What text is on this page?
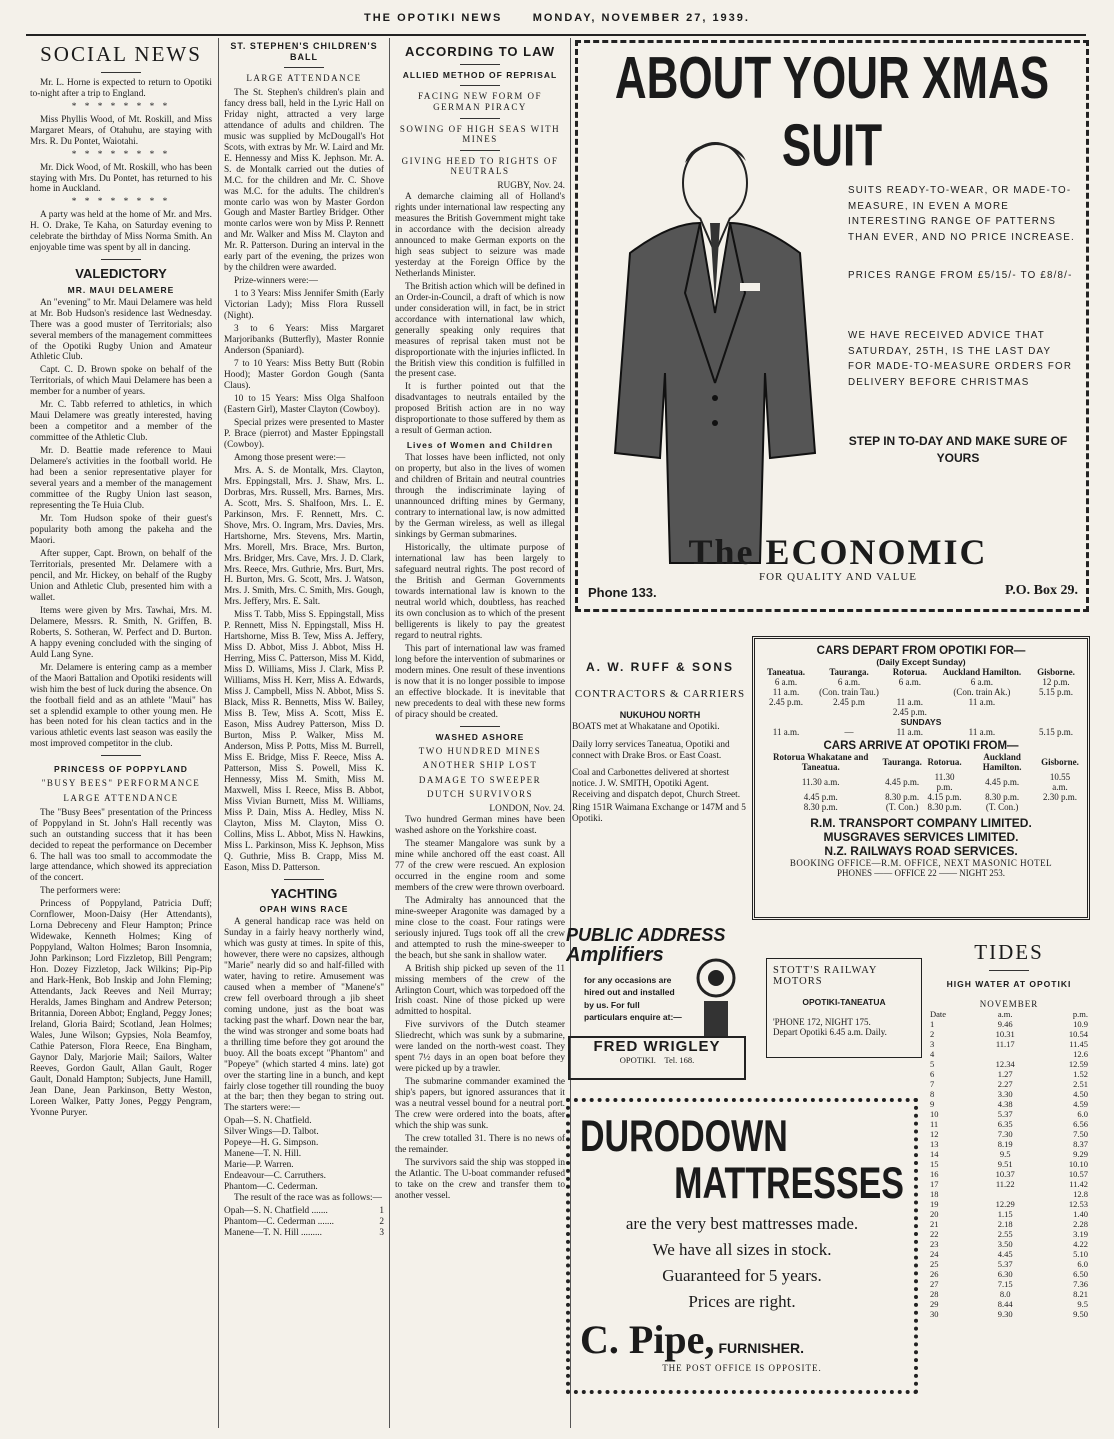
THE OPOTIKI NEWS	MONDAY, NOVEMBER 27, 1939.
SOCIAL NEWS

Mr. L. Horne is expected to return to Opotiki to-night after a trip to England.

* * * * * * * *

Miss Phyllis Wood, of Mt. Roskill, and Miss Margaret Mears, of Otahuhu, are staying with Mrs. R. Du Pontet, Waiotahi.

* * * * * * * *

Mr. Dick Wood, of Mt. Roskill, who has been staying with Mrs. Du Pontet, has returned to his home in Auckland.

* * * * * * * *

A party was held at the home of Mr. and Mrs. H. O. Drake, Te Kaha, on Saturday evening to celebrate the birthday of Miss Norma Smith. An enjoyable time was spent by all in dancing.

VALEDICTORY
MR. MAUI DELAMERE

An "evening" to Mr. Maui Delamere was held at Mr. Bob Hudson's residence last Wednesday. There was a good muster of Territorials; also several members of the management committees of the Opotiki Rugby Union and Amateur Athletic Club.

Capt. C. D. Brown spoke on behalf of the Territorials, of which Maui Delamere has been a member for a number of years.

Mr. C. Tabb referred to athletics, in which Maui Delamere was greatly interested, having been a competitor and a member of the committee of the Athletic Club.

Mr. D. Beattie made reference to Maui Delamere's activities in the football world. He had been a senior representative player for several years and a member of the management committee of the Rugby Union last season, representing the Te Huia Club.

Mr. Tom Hudson spoke of their guest's popularity both among the pakeha and the Maori.

After supper, Capt. Brown, on behalf of the Territorials, presented Mr. Delamere with a pencil, and Mr. Hickey, on behalf of the Rugby Union and Athletic Club, presented him with a wallet.

Items were given by Mrs. Tawhai, Mrs. M. Delamere, Messrs. R. Smith, N. Griffen, B. Roberts, S. Sotheran, W. Perfect and D. Burton. A happy evening concluded with the singing of Auld Lang Syne.

Mr. Delamere is entering camp as a member of the Maori Battalion and Opotiki residents will wish him the best of luck during the absence. On the football field and as an athlete "Maui" has set a splendid example to other young men. He has been noted for his clean tactics and in the various athletic events last season was easily the most improved competitor in the club.

PRINCESS OF POPPYLAND
"BUSY BEES" PERFORMANCE
LARGE ATTENDANCE

The "Busy Bees" presentation of the Princess of Poppyland in St. John's Hall recently was such an outstanding success that it has been decided to repeat the performance on December 6. The hall was too small to accommodate the large attendance, which showed its appreciation of the concert.

The performers were:

Princess of Poppyland, Patricia Duff; Cornflower, Moon-Daisy (Her Attendants), Lorna Debreceny and Fleur Hampton; Prince Widewake, Kenneth Holmes; King of Poppyland, Walton Holmes; Baron Insomnia, John Parkinson; Lord Fizzletop, Bill Pengram; Hon. Dozey Fizzletop, Jack Wilkins; Pip-Pip and Hark-Henk, Bob Inskip and John Fleming; Attendants, Jack Reeves and Neil Murray; Heralds, James Bingham and Andrew Peterson; Britannia, Doreen Abbot; England, Peggy Jones; Ireland, Gloria Baird; Scotland, Jean Holmes; Wales, June Wilson; Gypsies, Nola Beamfoy, Cathie Paterson, Flora Reece, Ena Bingham, Gaynor Daly, Marjorie Mail; Sailors, Walter Reeves, Gordon Gault, Allan Gault, Roger Gault, Donald Hampton; Subjects, June Hamill, Jean Dane, Jean Parkinson, Betty Weston, Loreen Walker, Patty Jones, Peggy Pengram, Yvonne Puryer.

ST. STEPHEN'S CHILDREN'S BALL
LARGE ATTENDANCE

The St. Stephen's children's plain and fancy dress ball, held in the Lyric Hall on Friday night, attracted a very large attendance of adults and children. The music was supplied by McDougall's Hot Scots, with extras by Mr. W. Laird and Mr. E. Hennessy and Miss K. Jephson. Mr. A. S. de Montalk carried out the duties of M.C. for the children and Mr. C. Shove was M.C. for the adults. The children's monte carlo was won by Master Gordon Gough and Master Bartley Bridger. Other monte carlos were won by Miss P. Rennett and Mr. Walker and Miss M. Clayton and Mr. R. Patterson. During an interval in the early part of the evening, the prizes won by the children were awarded.

Prize-winners were:—

1 to 3 Years: Miss Jennifer Smith (Early Victorian Lady); Miss Flora Russell (Night).

3 to 6 Years: Miss Margaret Marjoribanks (Butterfly), Master Ronnie Anderson (Spaniard).

7 to 10 Years: Miss Betty Butt (Robin Hood); Master Gordon Gough (Santa Claus).

10 to 15 Years: Miss Olga Shalfoon (Eastern Girl), Master Clayton (Cowboy).

Special prizes were presented to Master P. Brace (pierrot) and Master Eppingstall (Cowboy).

Among those present were:—

Mrs. A. S. de Montalk, Mrs. Clayton, Mrs. Eppingstall, Mrs. J. Shaw, Mrs. L. Dorbras, Mrs. Russell, Mrs. Barnes, Mrs. A. Scott, Mrs. S. Shalfoon, Mrs. L. E. Parkinson, Mrs. F. Rennett, Mrs. C. Shove, Mrs. O. Ingram, Mrs. Davies, Mrs. Hartshorne, Mrs. Stevens, Mrs. Martin, Mrs. Morell, Mrs. Brace, Mrs. Burton, Mrs. Bridger, Mrs. Cave, Mrs. J. D. Clark, Mrs. Reece, Mrs. Guthrie, Mrs. Burt, Mrs. H. Burton, Mrs. G. Scott, Mrs. J. Watson, Mrs. J. Smith, Mrs. C. Smith, Mrs. Gough, Mrs. Jeffery, Mrs. E. Salt.

Miss T. Tabb, Miss S. Eppingstall, Miss P. Rennett, Miss N. Eppingstall, Miss H. Hartshorne, Miss B. Tew, Miss A. Jeffery, Miss D. Abbot, Miss J. Abbot, Miss H. Herring, Miss C. Patterson, Miss M. Kidd, Miss D. Williams, Miss J. Clark, Miss P. Williams, Miss H. Kerr, Miss A. Edwards, Miss J. Campbell, Miss N. Abbot, Miss S. Black, Miss R. Bennetts, Miss W. Bailey, Miss B. Tew, Miss A. Scott, Miss E. Eason, Miss Audrey Patterson, Miss D. Burton, Miss P. Walker, Miss M. Anderson, Miss P. Potts, Miss M. Burrell, Miss E. Bridge, Miss F. Reece, Miss A. Patterson, Miss S. Powell, Miss K. Hennessy, Miss M. Smith, Miss M. Maxwell, Miss I. Reece, Miss B. Abbot, Miss Vivian Burnett, Miss M. Williams, Miss P. Dain, Miss A. Hedley, Miss N. Clayton, Miss M. Clayton, Miss O. Collins, Miss L. Abbot, Miss N. Hawkins, Miss L. Parkinson, Miss K. Jephson, Miss Q. Guthrie, Miss B. Crapp, Miss M. Eason, Miss D. Patterson.

YACHTING
OPAH WINS RACE

A general handicap race was held on Sunday in a fairly heavy northerly wind, which was gusty at times. In spite of this, however, there were no capsizes, although "Marie" nearly did so and half-filled with water, having to retire. Amusement was caused when a member of "Manene's" crew fell overboard through a jib sheet coming undone, just as the boat was tacking past the wharf. Down near the bar, the wind was stronger and some boats had a thrilling time before they got around the buoy. All the boats except "Phantom" and "Popeye" (which started 4 mins. late) got over the starting line in a bunch, and kept fairly close together till rounding the buoy at the bar; then they began to string out. The starters were:—

Opah—S. N. Chatfield.

Silver Wings—D. Talbot.

Popeye—H. G. Simpson.

Manene—T. N. Hill.

Marie—P. Warren.

Endeavour—C. Carruthers.

Phantom—C. Cederman.

The result of the race was as follows:—

Opah—S. N. Chatfield .......	1
Phantom—C. Cederman .......	2
Manene—T. N. Hill .........	3
ACCORDING TO LAW
ALLIED METHOD OF REPRISAL
FACING NEW FORM OF GERMAN PIRACY
SOWING OF HIGH SEAS WITH MINES
GIVING HEED TO RIGHTS OF NEUTRALS
RUGBY, Nov. 24.

A demarche claiming all of Holland's rights under international law respecting any measures the British Government might take in accordance with the decision already announced to make German exports on the high seas subject to seizure was made yesterday at the Foreign Office by the Netherlands Minister.

The British action which will be defined in an Order-in-Council, a draft of which is now under consideration will, in fact, be in strict accordance with international law which, generally speaking only requires that measures of reprisal taken must not be disproportionate with the injuries inflicted. In the British view this condition is fulfilled in the present case.

It is further pointed out that the disadvantages to neutrals entailed by the proposed British action are in no way disproportionate to those suffered by them as a result of German action.

Lives of Women and Children

That losses have been inflicted, not only on property, but also in the lives of women and children of Britain and neutral countries through the indiscriminate laying of unannounced drifting mines by Germany, contrary to international law, is now admitted by the German wireless, as well as illegal sinkings by German submarines.

Historically, the ultimate purpose of international law has been largely to safeguard neutral rights. The post record of the British and German Governments towards international law is known to the neutral world which, doubtless, has reached its own conclusion as to which of the present belligerents is likely to pay the greatest regard to neutral rights.

This part of international law was framed long before the intervention of submarines or modern mines. One result of these inventions is now that it is no longer possible to impose an effective blockade. It is inevitable that new precedents to deal with these new forms of piracy should be created.

WASHED ASHORE
TWO HUNDRED MINES
ANOTHER SHIP LOST
DAMAGE TO SWEEPER
DUTCH SURVIVORS
LONDON, Nov. 24.

Two hundred German mines have been washed ashore on the Yorkshire coast.

The steamer Mangalore was sunk by a mine while anchored off the east coast. All 77 of the crew were rescued. An explosion occurred in the engine room and some members of the crew were thrown overboard.

The Admiralty has announced that the mine-sweeper Aragonite was damaged by a mine close to the coast. Four ratings were seriously injured. Tugs took off all the crew and attempted to rush the mine-sweeper to the beach, but she sank in shallow water.

A British ship picked up seven of the 11 missing members of the crew of the Arlington Court, which was torpedoed off the Irish coast. Nine of those picked up were admitted to hospital.

Five survivors of the Dutch steamer Sliedrecht, which was sunk by a submarine, were landed on the north-west coast. They spent 7½ days in an open boat before they were picked up by a trawler.

The submarine commander examined the ship's papers, but ignored assurances that it was a neutral vessel bound for a neutral port. The crew were ordered into the boats, after which the ship was sunk.

The crew totalled 31. There is no news of the remainder.

The survivors said the ship was stopped in the Atlantic. The U-boat commander refused to take on the crew and transfer them to another vessel.

ABOUT YOUR XMAS SUIT
SUITS READY-TO-WEAR, OR MADE-TO-MEASURE, IN EVEN A MORE INTERESTING RANGE OF PATTERNS THAN EVER, AND NO PRICE INCREASE.
PRICES RANGE FROM £5/15/- TO £8/8/-
WE HAVE RECEIVED ADVICE THAT SATURDAY, 25TH, IS THE LAST DAY FOR MADE-TO-MEASURE ORDERS FOR DELIVERY BEFORE CHRISTMAS
STEP IN TO-DAY AND MAKE SURE OF YOURS
The ECONOMIC
FOR QUALITY AND VALUE
Phone 133.	P.O. Box 29.
A. W. RUFF & SONS
CONTRACTORS & CARRIERS
NUKUHOU NORTH
BOATS met at Whakatane and Opotiki.
Daily lorry services Taneatua, Opotiki and connect with Drake Bros. or East Coast.
Coal and Carbonettes delivered at shortest notice. J. W. SMITH, Opotiki Agent. Receiving and dispatch depot, Church Street.
Ring 151R Waimana Exchange or 147M and 5 Opotiki.
CARS DEPART FROM OPOTIKI FOR—
(Daily Except Sunday)
Taneatua.	Tauranga.	Rotorua.	Auckland Hamilton.	Gisborne.
6 a.m.	6 a.m.	6 a.m.	6 a.m.	12 p.m.
11 a.m.	(Con. train Tau.)		(Con. train Ak.)	5.15 p.m.
2.45 p.m.	2.45 p.m	11 a.m.	11 a.m.	
		2.45 p.m.		
SUNDAYS				
11 a.m.	—	11 a.m.	11 a.m.	5.15 p.m.
CARS ARRIVE AT OPOTIKI FROM—
Rotorua Whakatane and Taneatua.	Tauranga.	Rotorua.	Auckland Hamilton.	Gisborne.
11.30 a.m.	4.45 p.m.	11.30 p.m.	4.45 p.m.	10.55 a.m.
4.45 p.m.	8.30 p.m.	4.15 p.m.	8.30 p.m.	2.30 p.m.
8.30 p.m.	(T. Con.)	8.30 p.m.	(T. Con.)	
R.M. TRANSPORT COMPANY LIMITED.
MUSGRAVES SERVICES LIMITED.
N.Z. RAILWAYS ROAD SERVICES.
BOOKING OFFICE—R.M. OFFICE, NEXT MASONIC HOTEL
PHONES —— OFFICE 22 —— NIGHT 253.
PUBLIC ADDRESS
Amplifiers
for any occasions are hired out and installed by us. For full particulars enquire at:—
FRED WRIGLEY
OPOTIKI. Tel. 168.
STOTT'S RAILWAY MOTORS
OPOTIKI-TANEATUA
'PHONE 172, NIGHT 175.
Depart Opotiki 6.45 a.m. Daily.
DURODOWN
MATTRESSES
are the very best mattresses made.
We have all sizes in stock.
Guaranteed for 5 years.
Prices are right.
C. Pipe, FURNISHER.
THE POST OFFICE IS OPPOSITE.
TIDES
HIGH WATER AT OPOTIKI
NOVEMBER
Date	a.m.	p.m.
1	9.46	10.9
2	10.31	10.54
3	11.17	11.45
4		12.6
5	12.34	12.59
6	1.27	1.52
7	2.27	2.51
8	3.30	4.50
9	4.38	4.59
10	5.37	6.0
11	6.35	6.56
12	7.30	7.50
13	8.19	8.37
14	9.5	9.29
15	9.51	10.10
16	10.37	10.57
17	11.22	11.42
18		12.8
19	12.29	12.53
20	1.15	1.40
21	2.18	2.28
22	2.55	3.19
23	3.50	4.22
24	4.45	5.10
25	5.37	6.0
26	6.30	6.50
27	7.15	7.36
28	8.0	8.21
29	8.44	9.5
30	9.30	9.50
